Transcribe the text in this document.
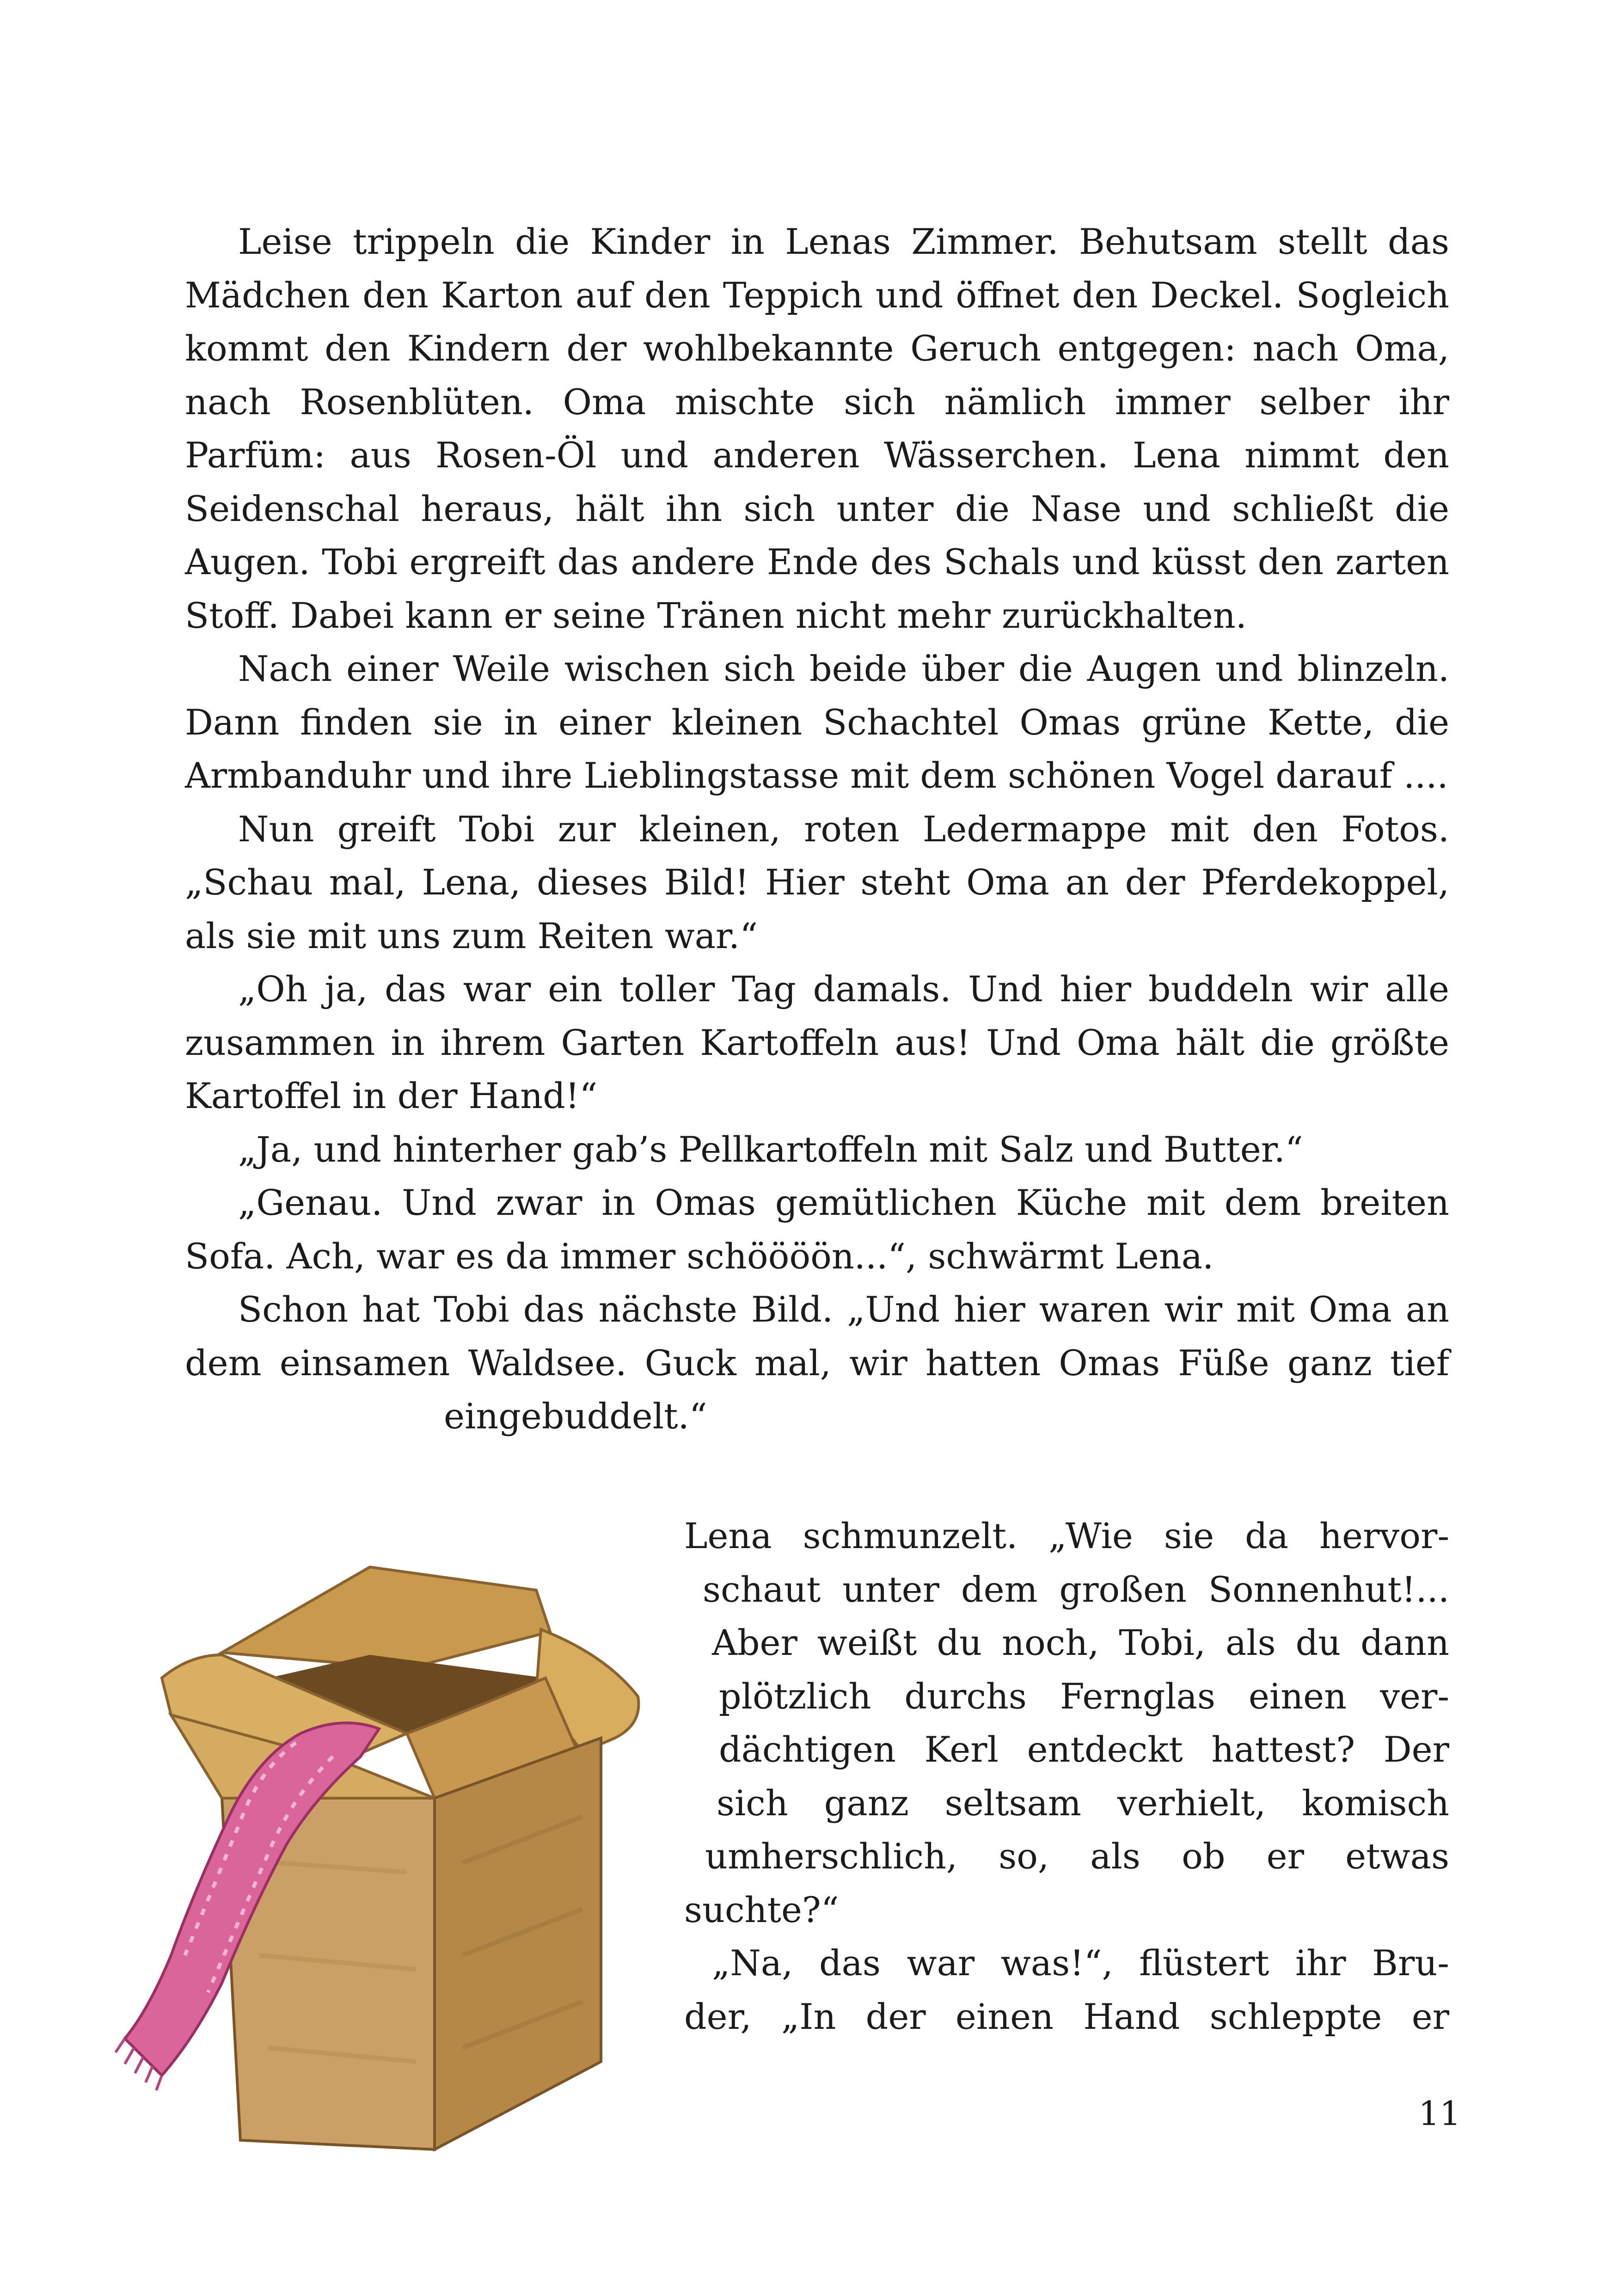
Leise trippeln die Kinder in Lenas Zimmer. Behutsam stellt das Mädchen den Karton auf den Teppich und öffnet den Deckel. Sogleich kommt den Kindern der wohlbekannte Geruch entgegen: nach Oma, nach Rosenblüten. Oma mischte sich nämlich immer selber ihr Parfüm: aus Rosen-Öl und anderen Wässerchen. Lena nimmt den Seidenschal heraus, hält ihn sich unter die Nase und schließt die Augen. Tobi ergreift das andere Ende des Schals und küsst den zarten Stoff. Dabei kann er seine Tränen nicht mehr zurückhalten.

Nach einer Weile wischen sich beide über die Augen und blinzeln. Dann finden sie in einer kleinen Schachtel Omas grüne Kette, die Armbanduhr und ihre Lieblingstasse mit dem schönen Vogel darauf ....

Nun greift Tobi zur kleinen, roten Ledermappe mit den Fotos. „Schau mal, Lena, dieses Bild! Hier steht Oma an der Pferdekoppel, als sie mit uns zum Reiten war.“

„Oh ja, das war ein toller Tag damals. Und hier buddeln wir alle zusammen in ihrem Garten Kartoffeln aus! Und Oma hält die größte Kartoffel in der Hand!“

„Ja, und hinterher gab’s Pellkartoffeln mit Salz und Butter.“

„Genau. Und zwar in Omas gemütlichen Küche mit dem breiten Sofa. Ach, war es da immer schöööön...“, schwärmt Lena.

Schon hat Tobi das nächste Bild. „Und hier waren wir mit Oma an dem einsamen Waldsee. Guck mal, wir hatten Omas Füße ganz tiefeingebuddelt.“

Lena schmunzelt. „Wie sie da hervor-
schaut unter dem großen Sonnenhut!...
Aber weißt du noch, Tobi, als du dann
plötzlich durchs Fernglas einen ver-
dächtigen Kerl entdeckt hattest? Der
sich ganz seltsam verhielt, komisch
umherschlich, so, als ob er etwas
suchte?“
„Na, das war was!“, flüstert ihr Bru-
der, „In der einen Hand schleppte er
11
